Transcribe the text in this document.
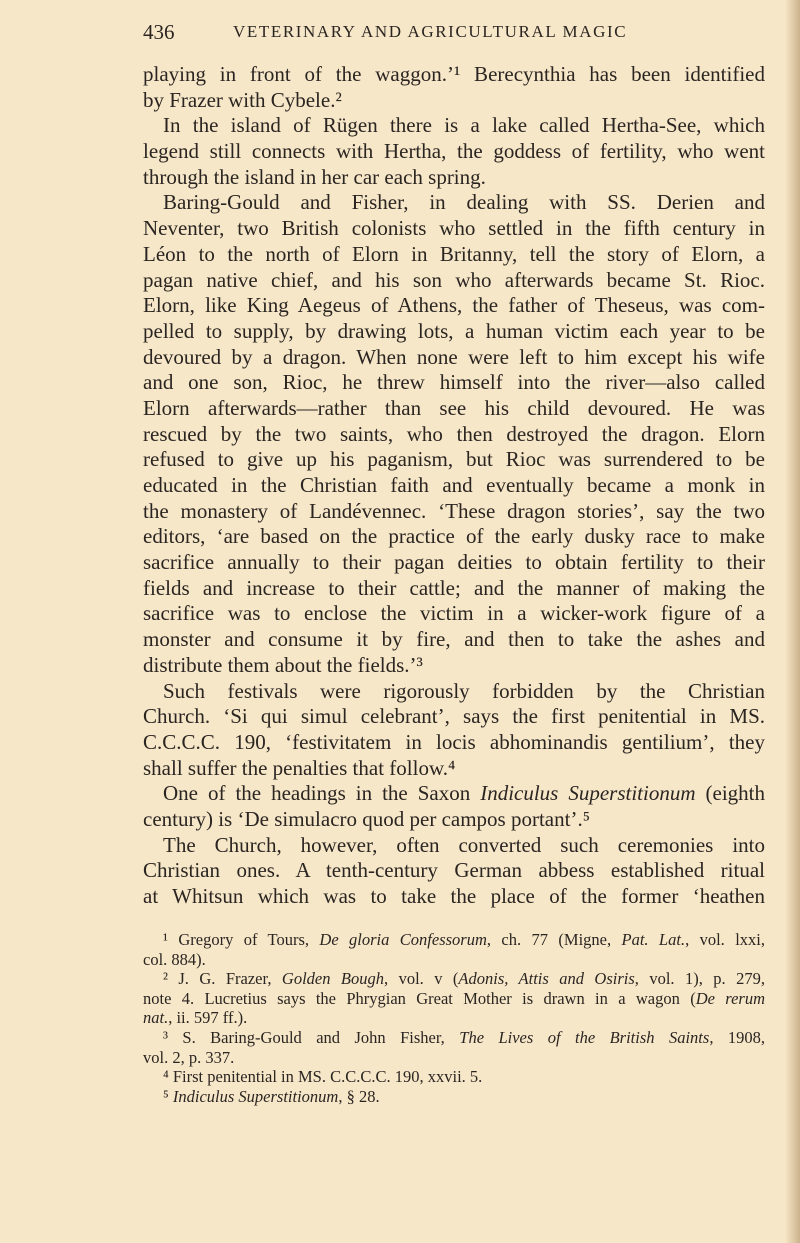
436	VETERINARY AND AGRICULTURAL MAGIC
playing in front of the waggon.’¹ Berecynthia has been identified
by Frazer with Cybele.²
In the island of Rügen there is a lake called Hertha-See, which
legend still connects with Hertha, the goddess of fertility, who went
through the island in her car each spring.
Baring-Gould and Fisher, in dealing with SS. Derien and
Neventer, two British colonists who settled in the fifth century in
Léon to the north of Elorn in Britanny, tell the story of Elorn, a
pagan native chief, and his son who afterwards became St. Rioc.
Elorn, like King Aegeus of Athens, the father of Theseus, was com-
pelled to supply, by drawing lots, a human victim each year to be
devoured by a dragon. When none were left to him except his wife
and one son, Rioc, he threw himself into the river—also called
Elorn afterwards—rather than see his child devoured. He was
rescued by the two saints, who then destroyed the dragon. Elorn
refused to give up his paganism, but Rioc was surrendered to be
educated in the Christian faith and eventually became a monk in
the monastery of Landévennec. ‘These dragon stories’, say the two
editors, ‘are based on the practice of the early dusky race to make
sacrifice annually to their pagan deities to obtain fertility to their
fields and increase to their cattle; and the manner of making the
sacrifice was to enclose the victim in a wicker-work figure of a
monster and consume it by fire, and then to take the ashes and
distribute them about the fields.’³
Such festivals were rigorously forbidden by the Christian
Church. ‘Si qui simul celebrant’, says the first penitential in MS.
C.C.C.C. 190, ‘festivitatem in locis abhominandis gentilium’, they
shall suffer the penalties that follow.⁴
One of the headings in the Saxon Indiculus Superstitionum (eighth
century) is ‘De simulacro quod per campos portant’.⁵
The Church, however, often converted such ceremonies into
Christian ones. A tenth-century German abbess established ritual
at Whitsun which was to take the place of the former ‘heathen
¹ Gregory of Tours, De gloria Confessorum, ch. 77 (Migne, Pat. Lat., vol. lxxi,
col. 884).
² J. G. Frazer, Golden Bough, vol. v (Adonis, Attis and Osiris, vol. 1), p. 279,
note 4. Lucretius says the Phrygian Great Mother is drawn in a wagon (De rerum
nat., ii. 597 ff.).
³ S. Baring-Gould and John Fisher, The Lives of the British Saints, 1908,
vol. 2, p. 337.
⁴ First penitential in MS. C.C.C.C. 190, xxvii. 5.
⁵ Indiculus Superstitionum, § 28.
